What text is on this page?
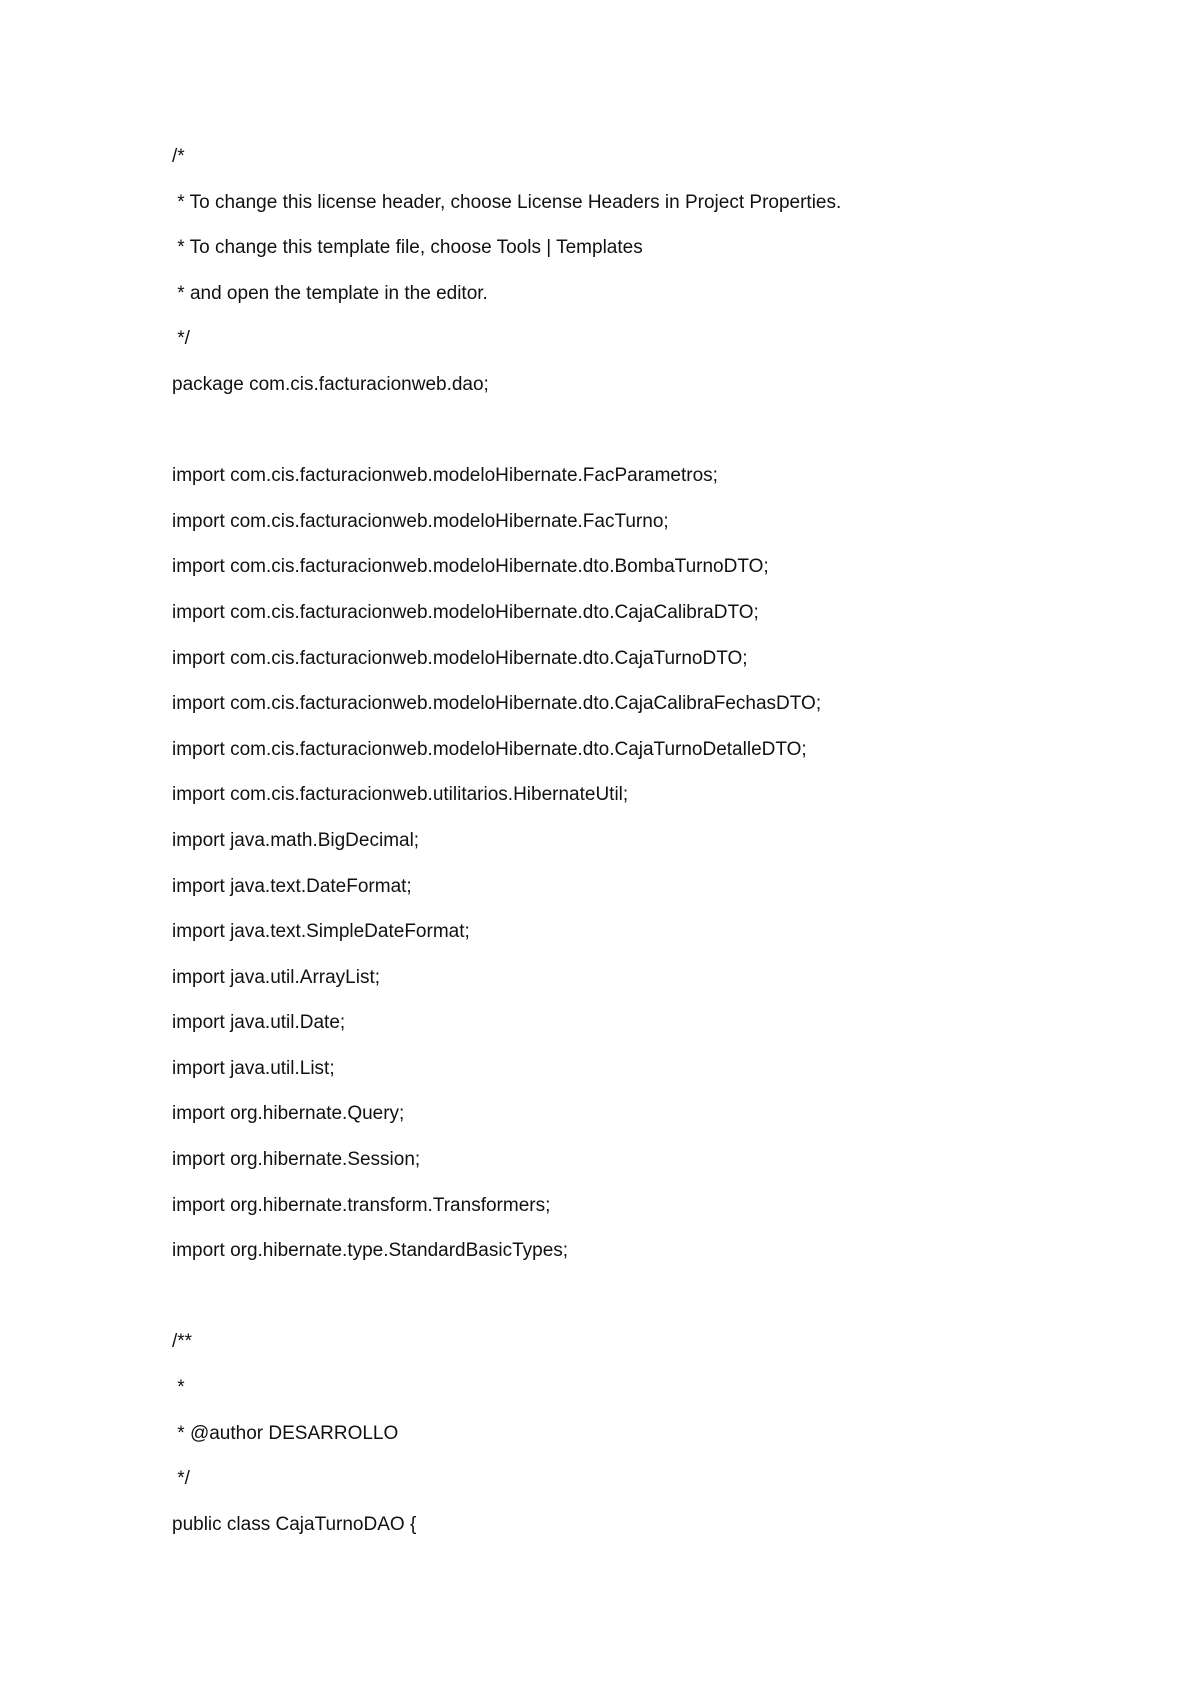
/*
* To change this license header, choose License Headers in Project Properties.
* To change this template file, choose Tools | Templates
* and open the template in the editor.
*/
package com.cis.facturacionweb.dao;
import com.cis.facturacionweb.modeloHibernate.FacParametros;
import com.cis.facturacionweb.modeloHibernate.FacTurno;
import com.cis.facturacionweb.modeloHibernate.dto.BombaTurnoDTO;
import com.cis.facturacionweb.modeloHibernate.dto.CajaCalibraDTO;
import com.cis.facturacionweb.modeloHibernate.dto.CajaTurnoDTO;
import com.cis.facturacionweb.modeloHibernate.dto.CajaCalibraFechasDTO;
import com.cis.facturacionweb.modeloHibernate.dto.CajaTurnoDetalleDTO;
import com.cis.facturacionweb.utilitarios.HibernateUtil;
import java.math.BigDecimal;
import java.text.DateFormat;
import java.text.SimpleDateFormat;
import java.util.ArrayList;
import java.util.Date;
import java.util.List;
import org.hibernate.Query;
import org.hibernate.Session;
import org.hibernate.transform.Transformers;
import org.hibernate.type.StandardBasicTypes;
/**
*
* @author DESARROLLO
*/
public class CajaTurnoDAO {
